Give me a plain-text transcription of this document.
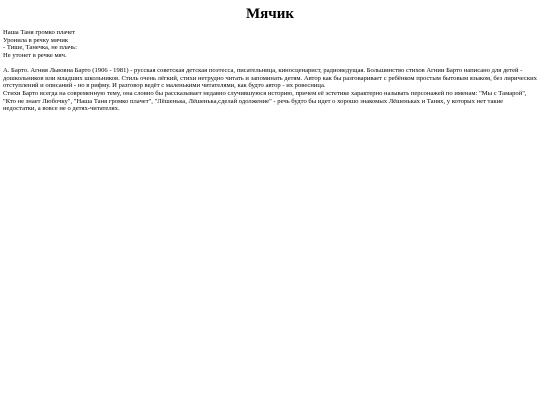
Мячик
Наша Таня громко плачет
Уронила в речку мячик
- Тише, Танечка, не плачь:
Не утонет в речке мяч.

А. Барто. Агния Львовна Барто (1906 - 1981) - русская советская детская поэтесса, писательница, киносценарист, радиоведущая. Большинство стихов Агнии Барто написано для детей - дошкольников или младших школьников. Стиль очень лёгкий, стихи нетрудно читать и запоминать детям. Автор как бы разговаривает с ребёнком простым бытовым языком, без лирических отступлений и описаний - но в рифму. И разговор ведёт с маленькими читателями, как будто автор - их ровесница.

Стихи Барто всегда на современную тему, она словно бы рассказывает недавно случившуюся историю, причем её эстетике характерно называть персонажей по именам: "Мы с Тамарой", "Кто не знает Любочку", "Наша Таня громко плачет", "Лёшенька, Лёшенька,сделай одолжение" - речь будто бы идет о хорошо знакомых Лёшеньках и Танях, у которых нет такие недостатки, а вовсе не о детях-читателях.
